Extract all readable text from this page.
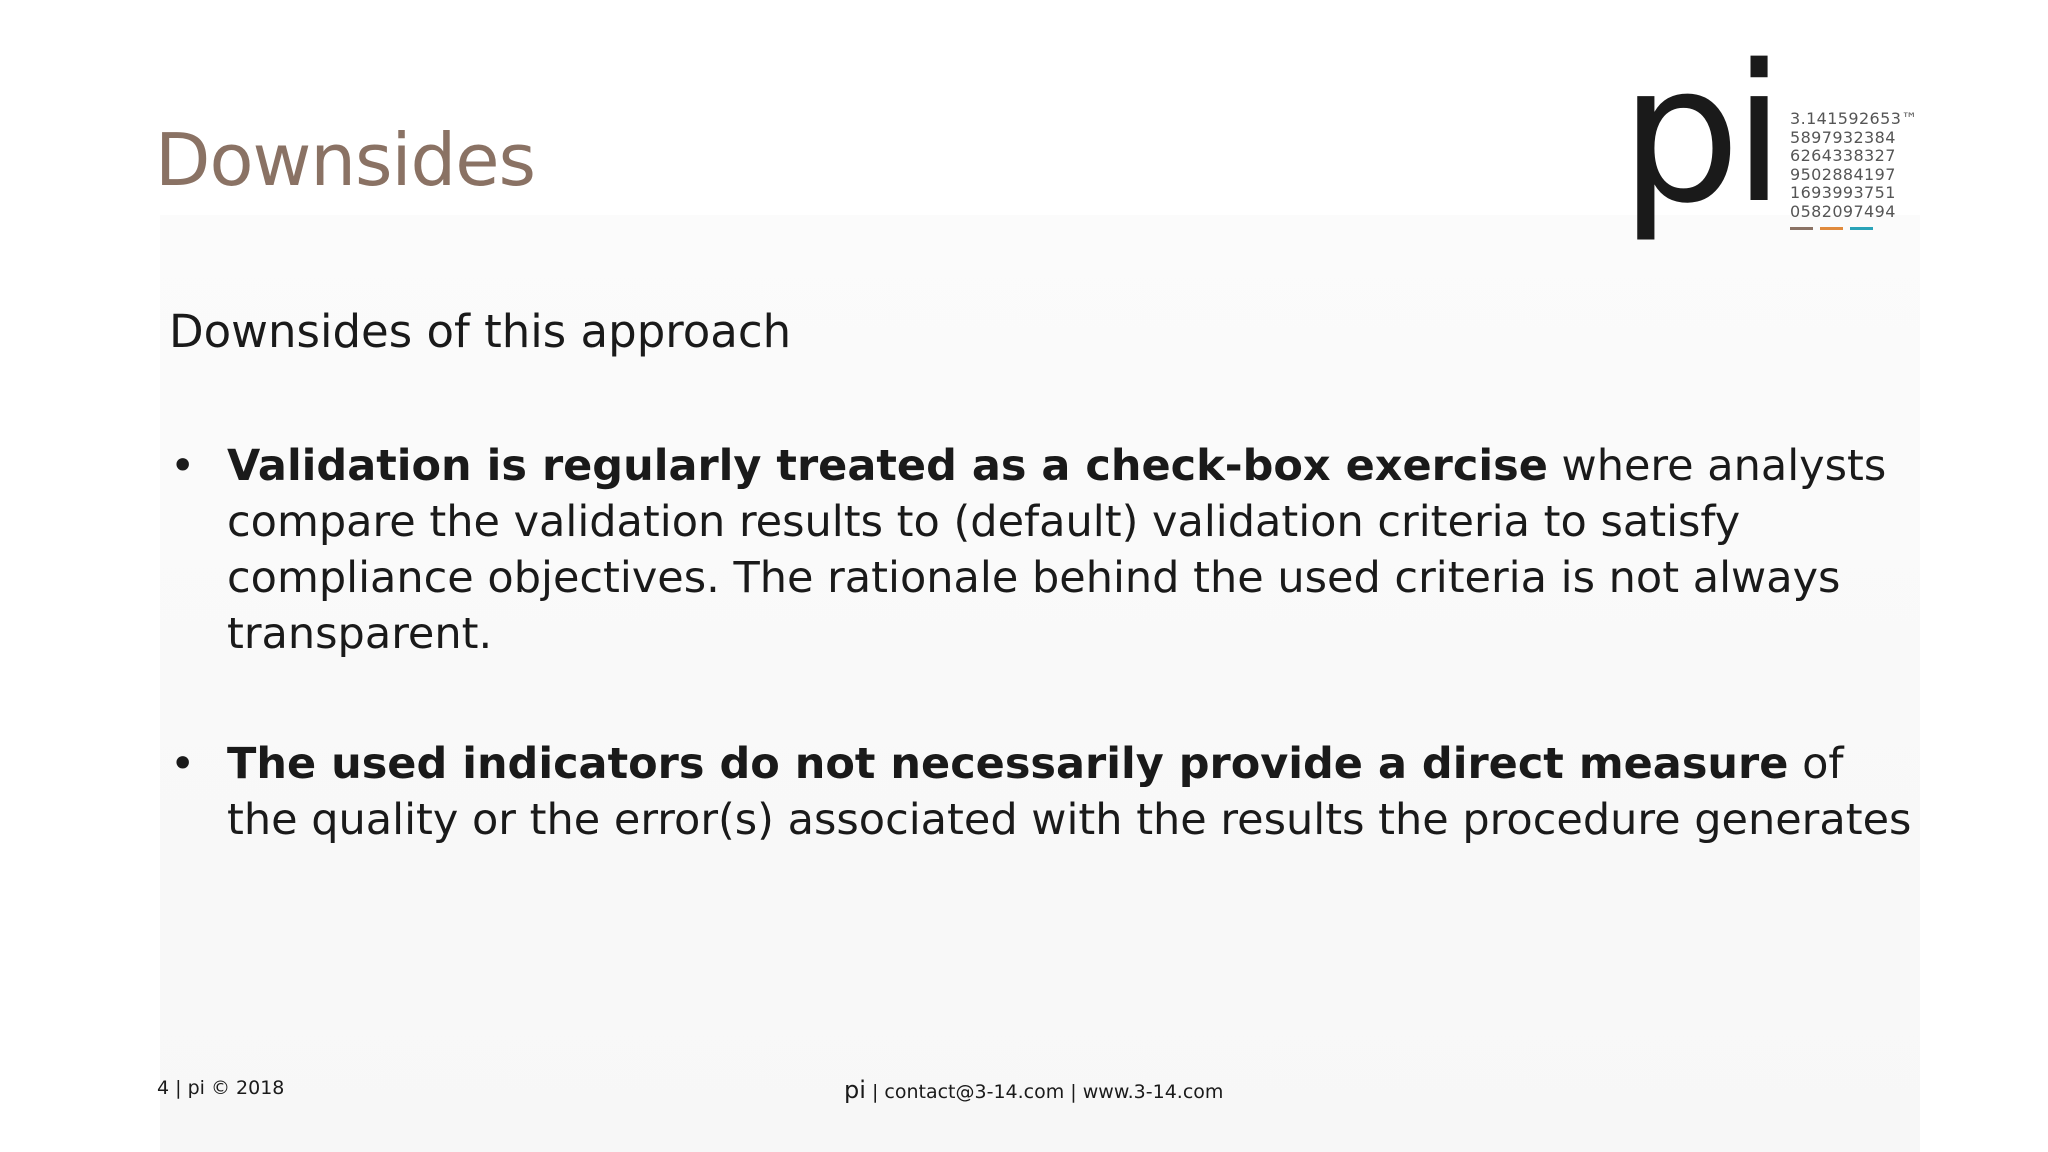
Downsides	pi 3.141592653™
5897932384
6264338327
9502884197
1693993751
0582097494
Downsides of this approach
• Validation is regularly treated as a check-box exercise where analysts compare the validation results to (default) validation criteria to satisfy compliance objectives. The rationale behind the used criteria is not always transparent.
• The used indicators do not necessarily provide a direct measure of the quality or the error(s) associated with the results the procedure generates
4 | pi © 2018	pi | contact@3-14.com | www.3-14.com
